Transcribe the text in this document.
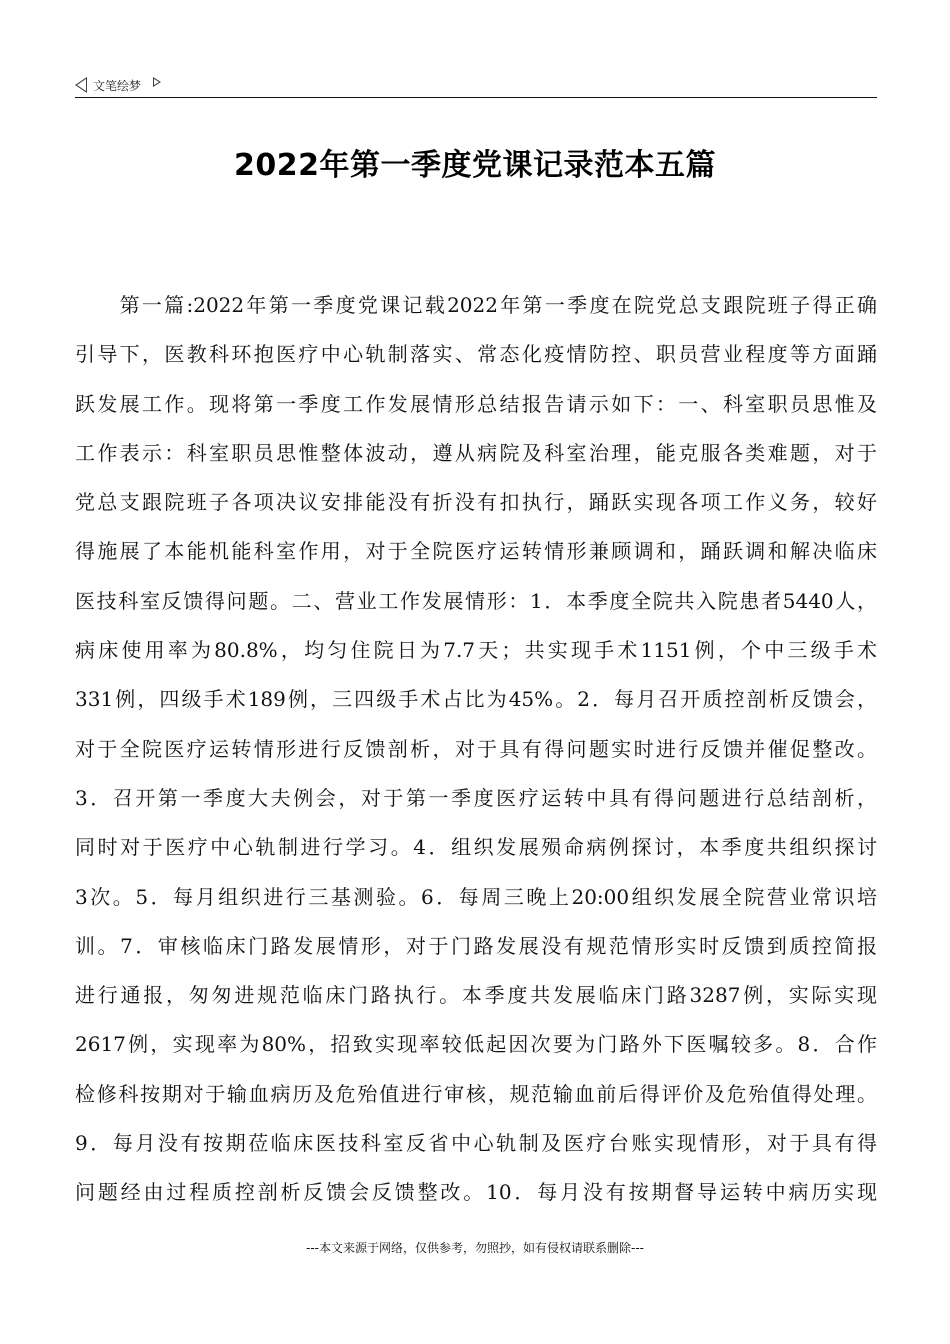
文笔绘梦
2022年第一季度党课记录范本五篇
　　第一篇:2022年第一季度党课记载2022年第一季度在院党总支跟院班子得正确
引导下，医教科环抱医疗中心轨制落实、常态化疫情防控、职员营业程度等方面踊
跃发展工作。现将第一季度工作发展情形总结报告请示如下：一、科室职员思惟及
工作表示：科室职员思惟整体波动，遵从病院及科室治理，能克服各类难题，对于
党总支跟院班子各项决议安排能没有折没有扣执行，踊跃实现各项工作义务，较好
得施展了本能机能科室作用，对于全院医疗运转情形兼顾调和，踊跃调和解决临床
医技科室反馈得问题。二、营业工作发展情形：1．本季度全院共入院患者5440人，
病床使用率为80.8%，均匀住院日为7.7天；共实现手术1151例，个中三级手术
331例，四级手术189例，三四级手术占比为45%。2．每月召开质控剖析反馈会，
对于全院医疗运转情形进行反馈剖析，对于具有得问题实时进行反馈并催促整改。
3．召开第一季度大夫例会，对于第一季度医疗运转中具有得问题进行总结剖析，
同时对于医疗中心轨制进行学习。4．组织发展殒命病例探讨，本季度共组织探讨
3次。5．每月组织进行三基测验。6．每周三晚上20:00组织发展全院营业常识培
训。7．审核临床门路发展情形，对于门路发展没有规范情形实时反馈到质控简报
进行通报，匆匆进规范临床门路执行。本季度共发展临床门路3287例，实际实现
2617例，实现率为80%，招致实现率较低起因次要为门路外下医嘱较多。8．合作
检修科按期对于输血病历及危殆值进行审核，规范输血前后得评价及危殆值得处理。
9．每月没有按期莅临床医技科室反省中心轨制及医疗台账实现情形，对于具有得
问题经由过程质控剖析反馈会反馈整改。10．每月没有按期督导运转中病历实现
---本文来源于网络，仅供参考，勿照抄，如有侵权请联系删除---
